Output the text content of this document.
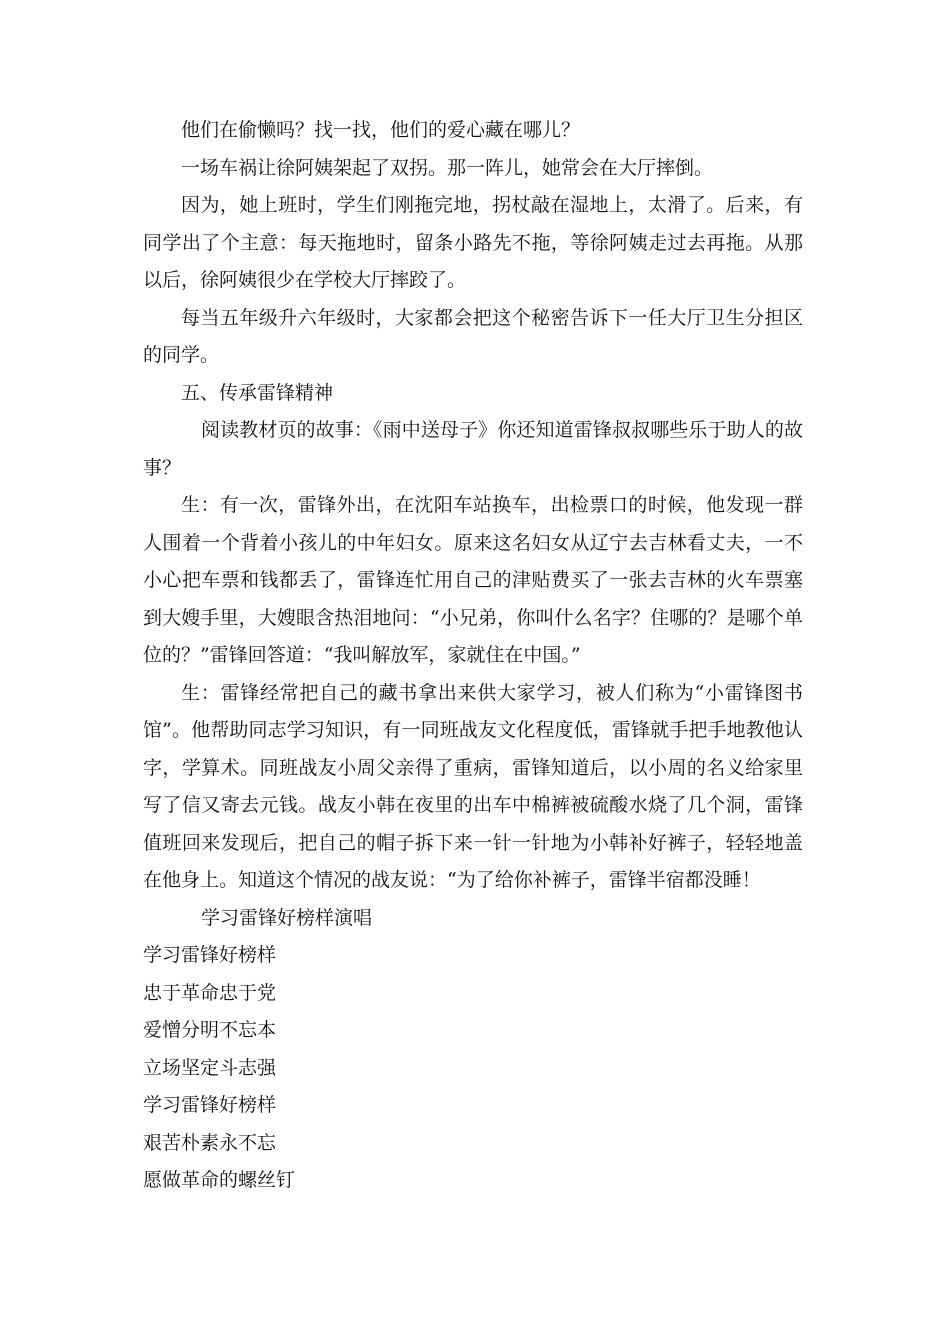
他们在偷懒吗？找一找，他们的爱心藏在哪儿？

一场车祸让徐阿姨架起了双拐。那一阵儿，她常会在大厅摔倒。

因为，她上班时，学生们刚拖完地，拐杖敲在湿地上，太滑了。后来，有同学出了个主意：每天拖地时，留条小路先不拖，等徐阿姨走过去再拖。从那以后，徐阿姨很少在学校大厅摔跤了。

每当五年级升六年级时，大家都会把这个秘密告诉下一任大厅卫生分担区的同学。

五、传承雷锋精神

阅读教材页的故事：《雨中送母子》你还知道雷锋叔叔哪些乐于助人的故事？

生：有一次，雷锋外出，在沈阳车站换车，出检票口的时候，他发现一群人围着一个背着小孩儿的中年妇女。原来这名妇女从辽宁去吉林看丈夫，一不小心把车票和钱都丢了，雷锋连忙用自己的津贴费买了一张去吉林的火车票塞到大嫂手里，大嫂眼含热泪地问：“小兄弟，你叫什么名字？住哪的？是哪个单位的？”雷锋回答道：“我叫解放军，家就住在中国。”

生：雷锋经常把自己的藏书拿出来供大家学习，被人们称为“小雷锋图书馆”。他帮助同志学习知识，有一同班战友文化程度低，雷锋就手把手地教他认字，学算术。同班战友小周父亲得了重病，雷锋知道后，以小周的名义给家里写了信又寄去元钱。战友小韩在夜里的出车中棉裤被硫酸水烧了几个洞，雷锋值班回来发现后，把自己的帽子拆下来一针一针地为小韩补好裤子，轻轻地盖在他身上。知道这个情况的战友说：“为了给你补裤子，雷锋半宿都没睡！

学习雷锋好榜样演唱

学习雷锋好榜样

忠于革命忠于党

爱憎分明不忘本

立场坚定斗志强

学习雷锋好榜样

艰苦朴素永不忘

愿做革命的螺丝钉
